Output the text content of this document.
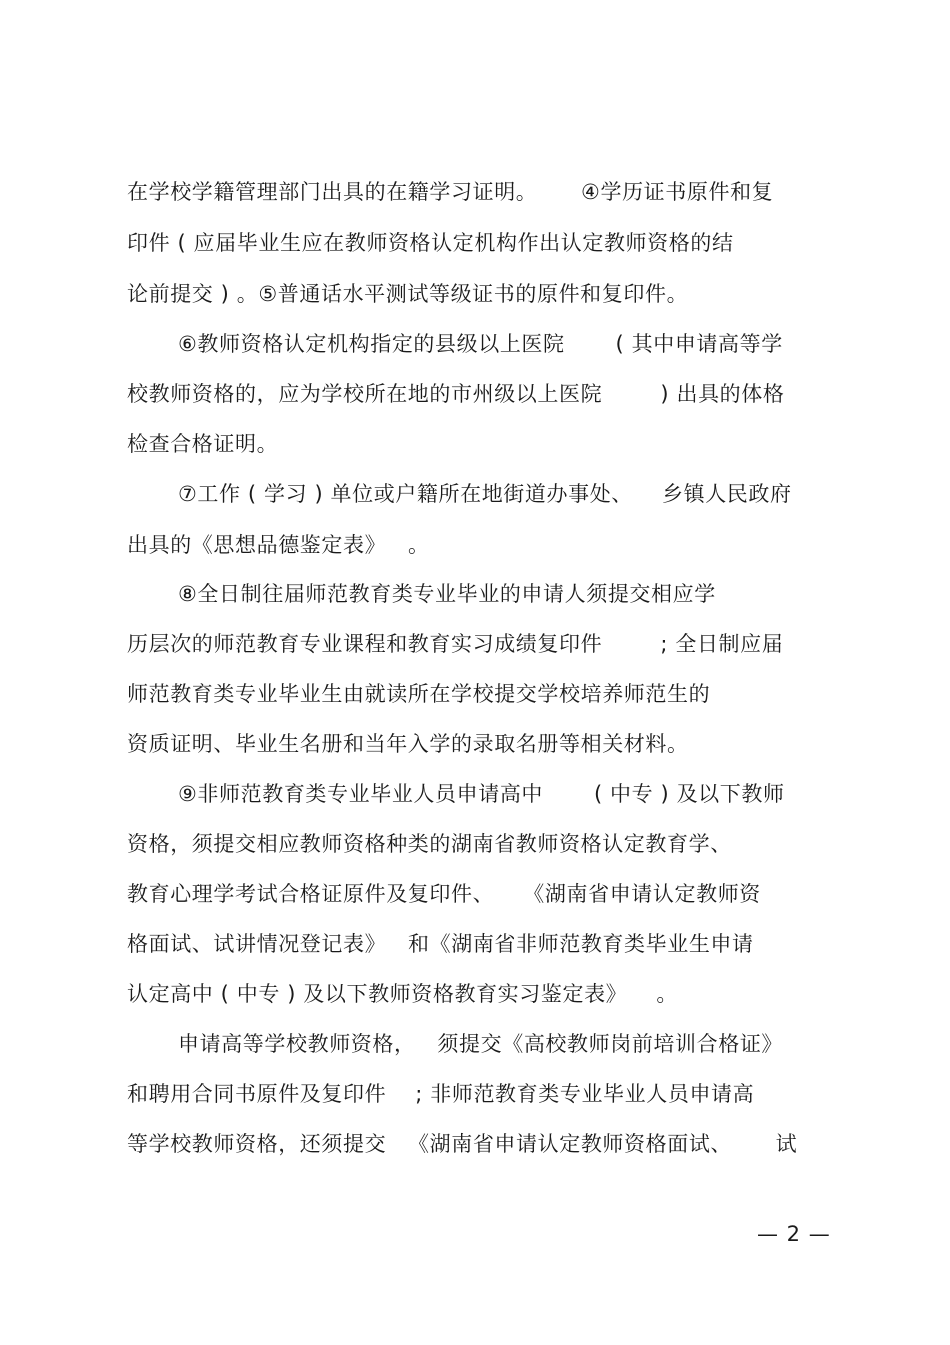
在学校学籍管理部门出具的在籍学习证明。      ④学历证书原件和复
印件 ( 应届毕业生应在教师资格认定机构作出认定教师资格的结
论前提交 ) 。⑤普通话水平测试等级证书的原件和复印件。
⑥教师资格认定机构指定的县级以上医院       ( 其中申请高等学
校教师资格的，应为学校所在地的市州级以上医院        ) 出具的体格
检查合格证明。
⑦工作 ( 学习 ) 单位或户籍所在地街道办事处、    乡镇人民政府
出具的《思想品德鉴定表》   。
⑧全日制往届师范教育类专业毕业的申请人须提交相应学
历层次的师范教育专业课程和教育实习成绩复印件        ; 全日制应届
师范教育类专业毕业生由就读所在学校提交学校培养师范生的
资质证明、毕业生名册和当年入学的录取名册等相关材料。
⑨非师范教育类专业毕业人员申请高中       ( 中专 ) 及以下教师
资格，须提交相应教师资格种类的湖南省教师资格认定教育学、
教育心理学考试合格证原件及复印件、    《湖南省申请认定教师资
格面试、试讲情况登记表》   和《湖南省非师范教育类毕业生申请
认定高中 ( 中专 ) 及以下教师资格教育实习鉴定表》    。
申请高等学校教师资格，   须提交《高校教师岗前培训合格证》
和聘用合同书原件及复印件    ; 非师范教育类专业毕业人员申请高
等学校教师资格，还须提交   《湖南省申请认定教师资格面试、      试
— 2 —
